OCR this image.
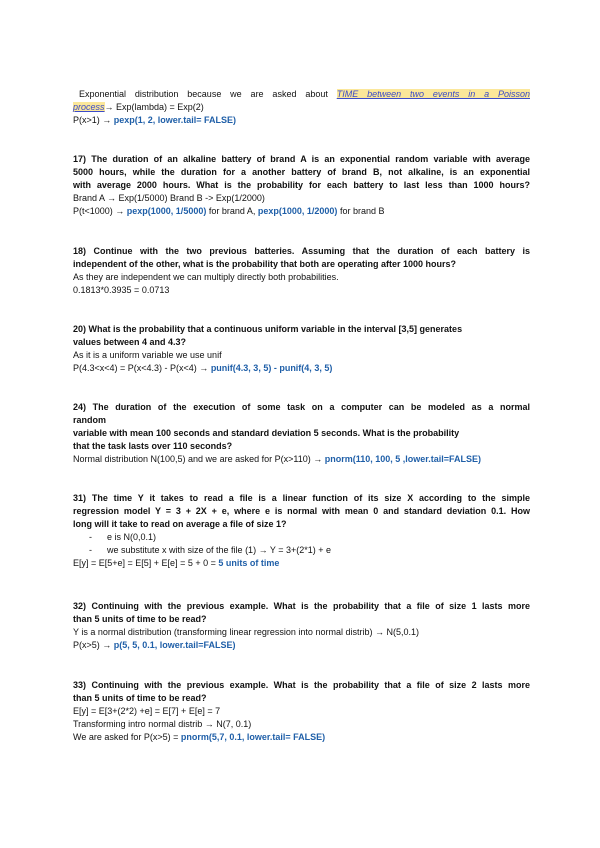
Exponential distribution because we are asked about TIME between two events in a Poisson
process→ Exp(lambda) = Exp(2)
P(x>1) → pexp(1, 2, lower.tail= FALSE)
17) The duration of an alkaline battery of brand A is an exponential random variable with average
5000 hours, while the duration for a another battery of brand B, not alkaline, is an exponential
with average 2000 hours. What is the probability for each battery to last less than 1000 hours?
Brand A → Exp(1/5000) Brand B -> Exp(1/2000)
P(t<1000) → pexp(1000, 1/5000) for brand A, pexp(1000, 1/2000) for brand B
18) Continue with the two previous batteries. Assuming that the duration of each battery is
independent of the other, what is the probability that both are operating after 1000 hours?
As they are independent we can multiply directly both probabilities.
0.1813*0.3935 = 0.0713
20) What is the probability that a continuous uniform variable in the interval [3,5] generates
values between 4 and 4.3?
As it is a uniform variable we use unif
P(4.3<x<4) = P(x<4.3) - P(x<4) → punif(4.3, 3, 5) - punif(4, 3, 5)
24) The duration of the execution of some task on a computer can be modeled as a normal
random
variable with mean 100 seconds and standard deviation 5 seconds. What is the probability
that the task lasts over 110 seconds?
Normal distribution N(100,5) and we are asked for P(x>110) → pnorm(110, 100, 5 ,lower.tail=FALSE)
31) The time Y it takes to read a file is a linear function of its size X according to the simple
regression model Y = 3 + 2X + e, where e is normal with mean 0 and standard deviation 0.1. How
long will it take to read on average a file of size 1?
- e is N(0,0.1)
- we substitute x with size of the file (1) → Y = 3+(2*1) + e
E[y] = E[5+e] = E[5] + E[e] = 5 + 0 = 5 units of time
32) Continuing with the previous example. What is the probability that a file of size 1 lasts more
than 5 units of time to be read?
Y is a normal distribution (transforming linear regression into normal distrib) → N(5,0.1)
P(x>5) → p(5, 5, 0.1, lower.tail=FALSE)
33) Continuing with the previous example. What is the probability that a file of size 2 lasts more
than 5 units of time to be read?
E[y] = E[3+(2*2) +e] = E[7] + E[e] = 7
Transforming intro normal distrib → N(7, 0.1)
We are asked for P(x>5) = pnorm(5,7, 0.1, lower.tail= FALSE)
